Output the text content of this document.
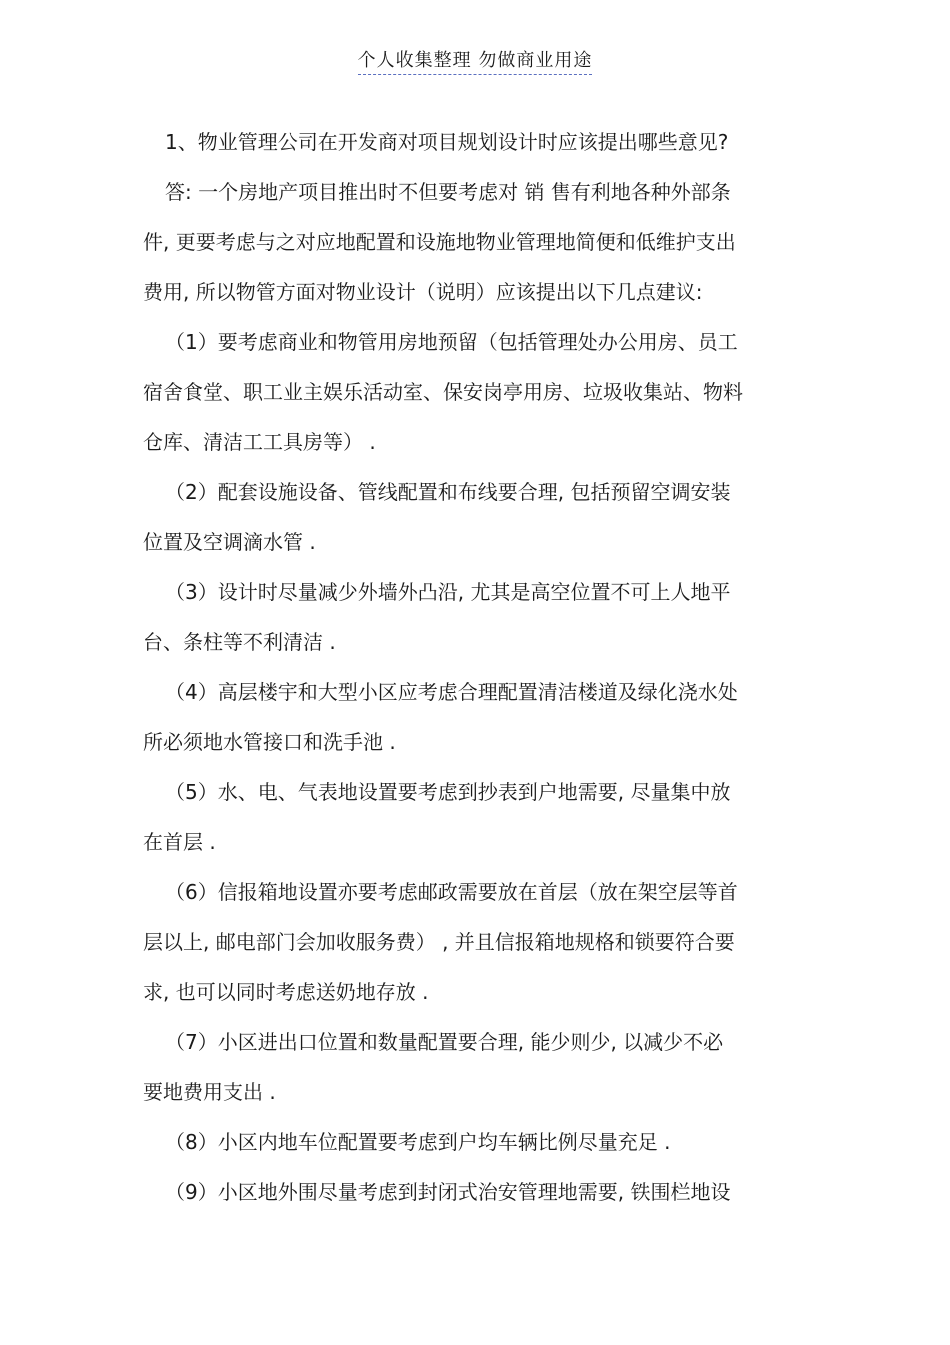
个人收集整理 勿做商业用途
1、物业管理公司在开发商对项目规划设计时应该提出哪些意见?
答: 一个房地产项目推出时不但要考虑对 销 售有利地各种外部条
件, 更要考虑与之对应地配置和设施地物业管理地简便和低维护支出
费用, 所以物管方面对物业设计（说明）应该提出以下几点建议:
（1）要考虑商业和物管用房地预留（包括管理处办公用房、员工
宿舍食堂、职工业主娱乐活动室、保安岗亭用房、垃圾收集站、物料
仓库、清洁工工具房等） .
（2）配套设施设备、管线配置和布线要合理, 包括预留空调安装
位置及空调滴水管 .
（3）设计时尽量减少外墙外凸沿, 尤其是高空位置不可上人地平
台、条柱等不利清洁 .
（4）高层楼宇和大型小区应考虑合理配置清洁楼道及绿化浇水处
所必须地水管接口和洗手池 .
（5）水、电、气表地设置要考虑到抄表到户地需要, 尽量集中放
在首层 .
（6）信报箱地设置亦要考虑邮政需要放在首层（放在架空层等首
层以上, 邮电部门会加收服务费） , 并且信报箱地规格和锁要符合要
求, 也可以同时考虑送奶地存放 .
（7）小区进出口位置和数量配置要合理, 能少则少, 以减少不必
要地费用支出 .
（8）小区内地车位配置要考虑到户均车辆比例尽量充足 .
（9）小区地外围尽量考虑到封闭式治安管理地需要, 铁围栏地设
